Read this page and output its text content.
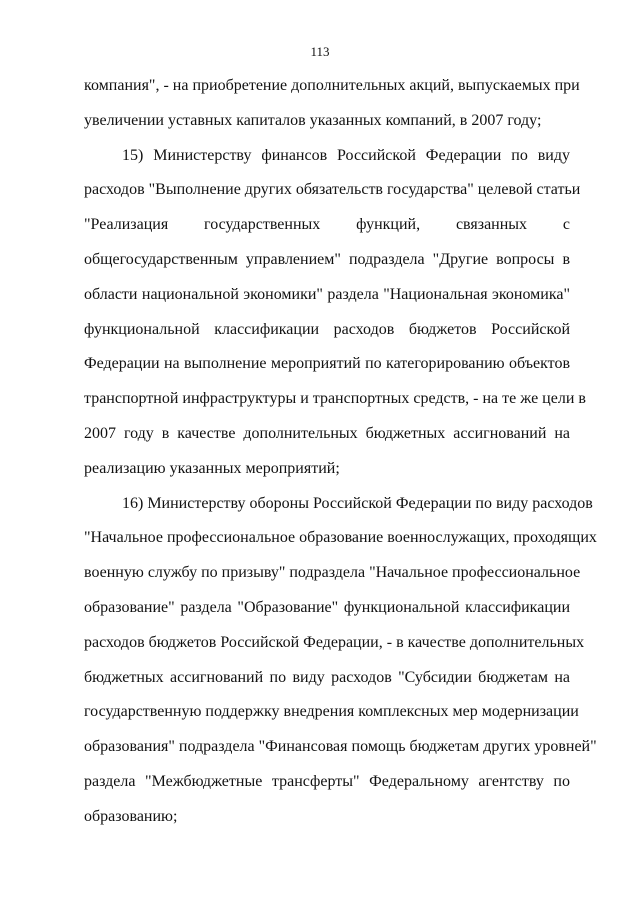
113
компания", - на приобретение дополнительных акций, выпускаемых при
увеличении уставных капиталов указанных компаний, в 2007 году;
15) Министерству финансов Российской Федерации по виду
расходов "Выполнение других обязательств государства" целевой статьи
"Реализация государственных функций, связанных с
общегосударственным управлением" подраздела "Другие вопросы в
области национальной экономики" раздела "Национальная экономика"
функциональной классификации расходов бюджетов Российской
Федерации на выполнение мероприятий по категорированию объектов
транспортной инфраструктуры и транспортных средств, - на те же цели в
2007 году в качестве дополнительных бюджетных ассигнований на
реализацию указанных мероприятий;
16) Министерству обороны Российской Федерации по виду расходов
"Начальное профессиональное образование военнослужащих, проходящих
военную службу по призыву" подраздела "Начальное профессиональное
образование" раздела "Образование" функциональной классификации
расходов бюджетов Российской Федерации, - в качестве дополнительных
бюджетных ассигнований по виду расходов "Субсидии бюджетам на
государственную поддержку внедрения комплексных мер модернизации
образования" подраздела "Финансовая помощь бюджетам других уровней"
раздела "Межбюджетные трансферты" Федеральному агентству по
образованию;
